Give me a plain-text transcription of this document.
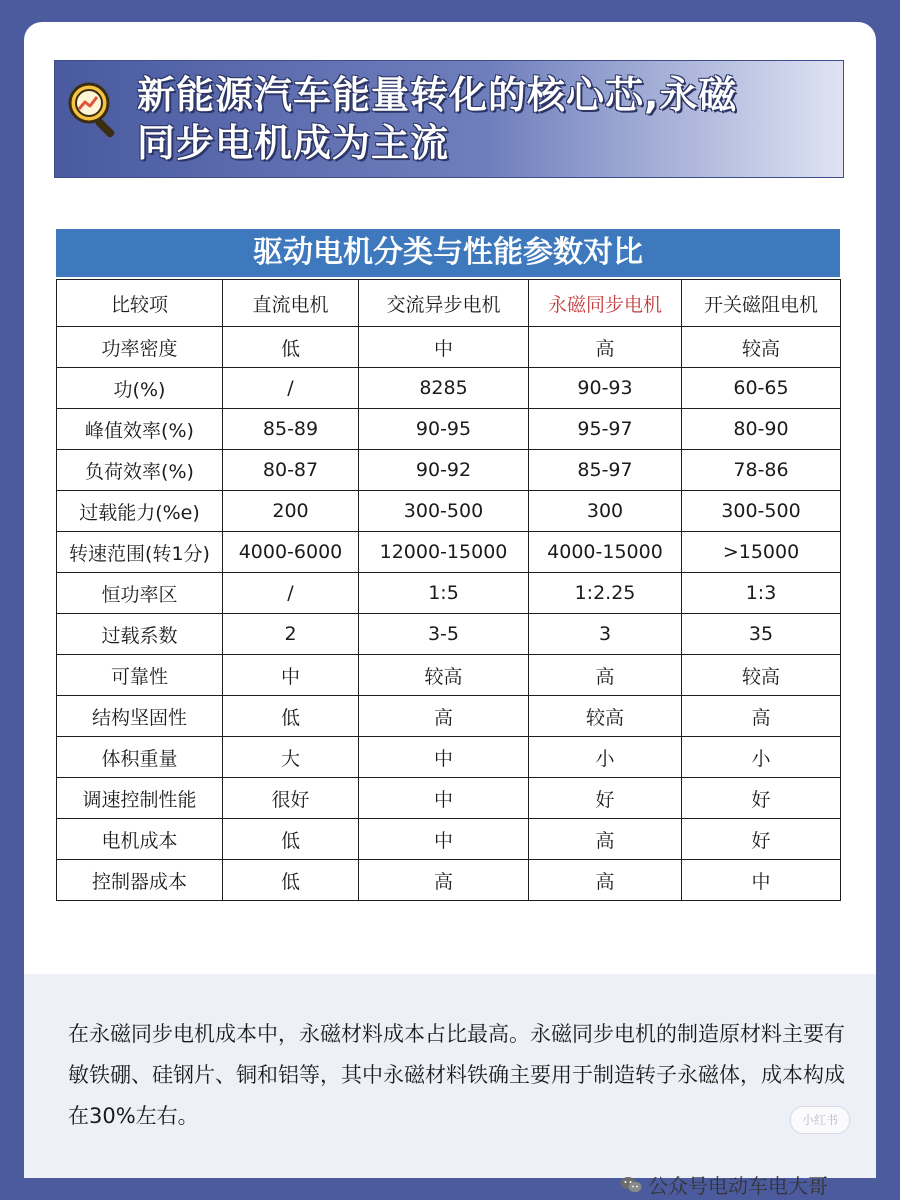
新能源汽车能量转化的核心芯,永磁
同步电机成为主流
驱动电机分类与性能参数对比
比较项	直流电机	交流异步电机	永磁同步电机	开关磁阻电机
功率密度	低	中	高	较高
功(%)	/	8285	90-93	60-65
峰值效率(%)	85-89	90-95	95-97	80-90
负荷效率(%)	80-87	90-92	85-97	78-86
过载能力(%e)	200	300-500	300	300-500
转速范围(转1分)	4000-6000	12000-15000	4000-15000	>15000
恒功率区	/	1:5	1:2.25	1:3
过载系数	2	3-5	3	35
可靠性	中	较高	高	较高
结构坚固性	低	高	较高	高
体积重量	大	中	小	小
调速控制性能	很好	中	好	好
电机成本	低	中	高	好
控制器成本	低	高	高	中
在永磁同步电机成本中，永磁材料成本占比最高。永磁同步电机的制造原材料主要有敏铁硼、硅钢片、铜和铝等，其中永磁材料铁确主要用于制造转子永磁体，成本构成在30%左右。	小红书
公众号电动车电大哥
